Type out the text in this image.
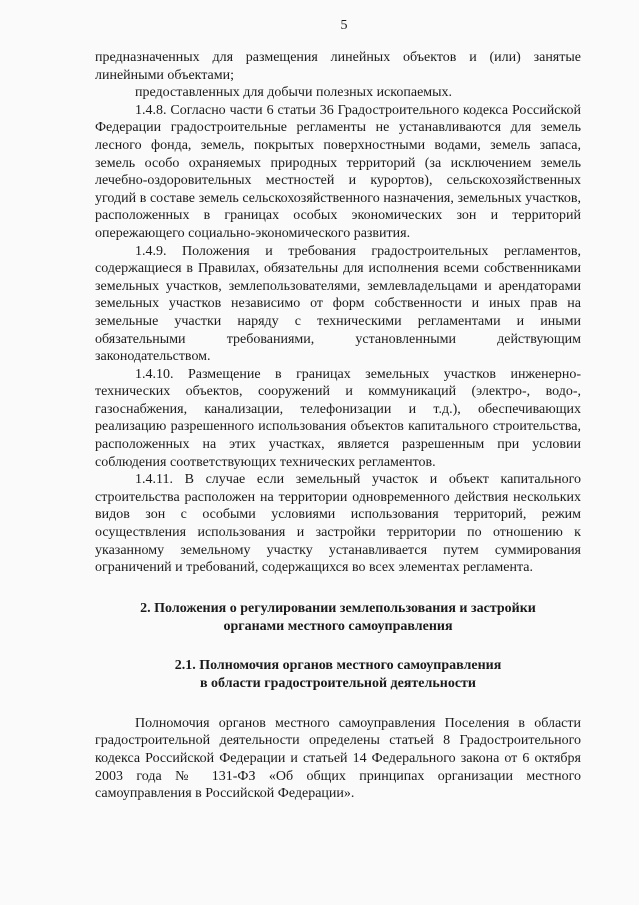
5

предназначенных для размещения линейных объектов и (или) занятые линейными объектами;

предоставленных для добычи полезных ископаемых.

1.4.8. Согласно части 6 статьи 36 Градостроительного кодекса Российской Федерации градостроительные регламенты не устанавливаются для земель лесного фонда, земель, покрытых поверхностными водами, земель запаса, земель особо охраняемых природных территорий (за исключением земель лечебно-оздоровительных местностей и курортов), сельскохозяйственных угодий в составе земель сельскохозяйственного назначения, земельных участков, расположенных в границах особых экономических зон и территорий опережающего социально-экономического развития.

1.4.9. Положения и требования градостроительных регламентов, содержащиеся в Правилах, обязательны для исполнения всеми собственниками земельных участков, землепользователями, землевладельцами и арендаторами земельных участков независимо от форм собственности и иных прав на земельные участки наряду с техническими регламентами и иными обязательными требованиями, установленными действующим законодательством.

1.4.10. Размещение в границах земельных участков инженерно-технических объектов, сооружений и коммуникаций (электро-, водо-, газоснабжения, канализации, телефонизации и т.д.), обеспечивающих реализацию разрешенного использования объектов капитального строительства, расположенных на этих участках, является разрешенным при условии соблюдения соответствующих технических регламентов.

1.4.11. В случае если земельный участок и объект капитального строительства расположен на территории одновременного действия нескольких видов зон с особыми условиями использования территорий, режим осуществления использования и застройки территории по отношению к указанному земельному участку устанавливается путем суммирования ограничений и требований, содержащихся во всех элементах регламента.

2. Положения о регулировании землепользования и застройки
органами местного самоуправления
2.1. Полномочия органов местного самоуправления
в области градостроительной деятельности

Полномочия органов местного самоуправления Поселения в области градостроительной деятельности определены статьей 8 Градостроительного кодекса Российской Федерации и статьей 14 Федерального закона от 6 октября 2003 года № 131-ФЗ «Об общих принципах организации местного самоуправления в Российской Федерации».
